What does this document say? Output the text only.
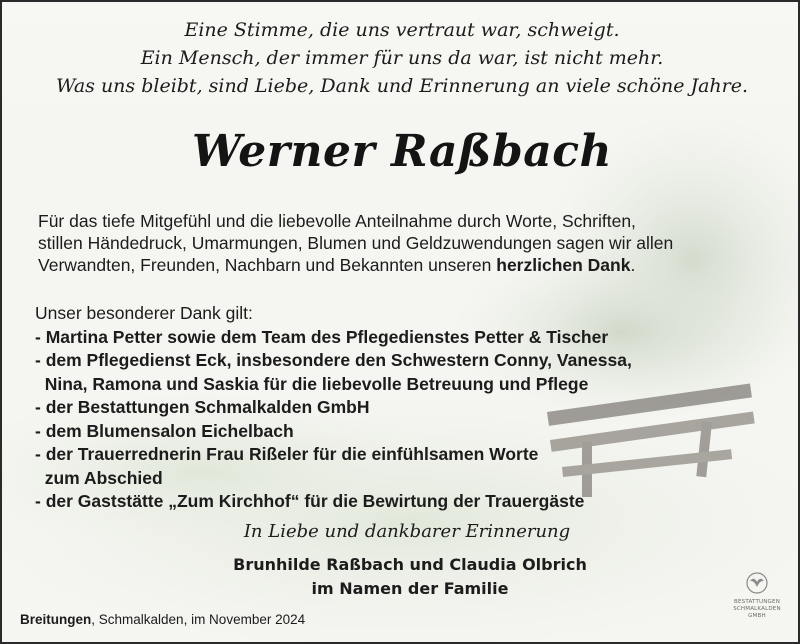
Eine Stimme, die uns vertraut war, schweigt.
Ein Mensch, der immer für uns da war, ist nicht mehr.
Was uns bleibt, sind Liebe, Dank und Erinnerung an viele schöne Jahre.
Werner Raßbach
Für das tiefe Mitgefühl und die liebevolle Anteilnahme durch Worte, Schriften,
stillen Händedruck, Umarmungen, Blumen und Geldzuwendungen sagen wir allen
Verwandten, Freunden, Nachbarn und Bekannten unseren herzlichen Dank.
Unser besonderer Dank gilt:
- Martina Petter sowie dem Team des Pflegedienstes Petter & Tischer
- dem Pflegedienst Eck, insbesondere den Schwestern Conny, Vanessa,
Nina, Ramona und Saskia für die liebevolle Betreuung und Pflege
- der Bestattungen Schmalkalden GmbH
- dem Blumensalon Eichelbach
- der Trauerrednerin Frau Rißeler für die einfühlsamen Worte
zum Abschied
- der Gaststätte „Zum Kirchhof“ für die Bewirtung der Trauergäste
In Liebe und dankbarer Erinnerung
Brunhilde Raßbach und Claudia Olbrich
im Namen der Familie
Breitungen, Schmalkalden, im November 2024
BESTATTUNGEN
SCHMALKALDEN
GMBH
